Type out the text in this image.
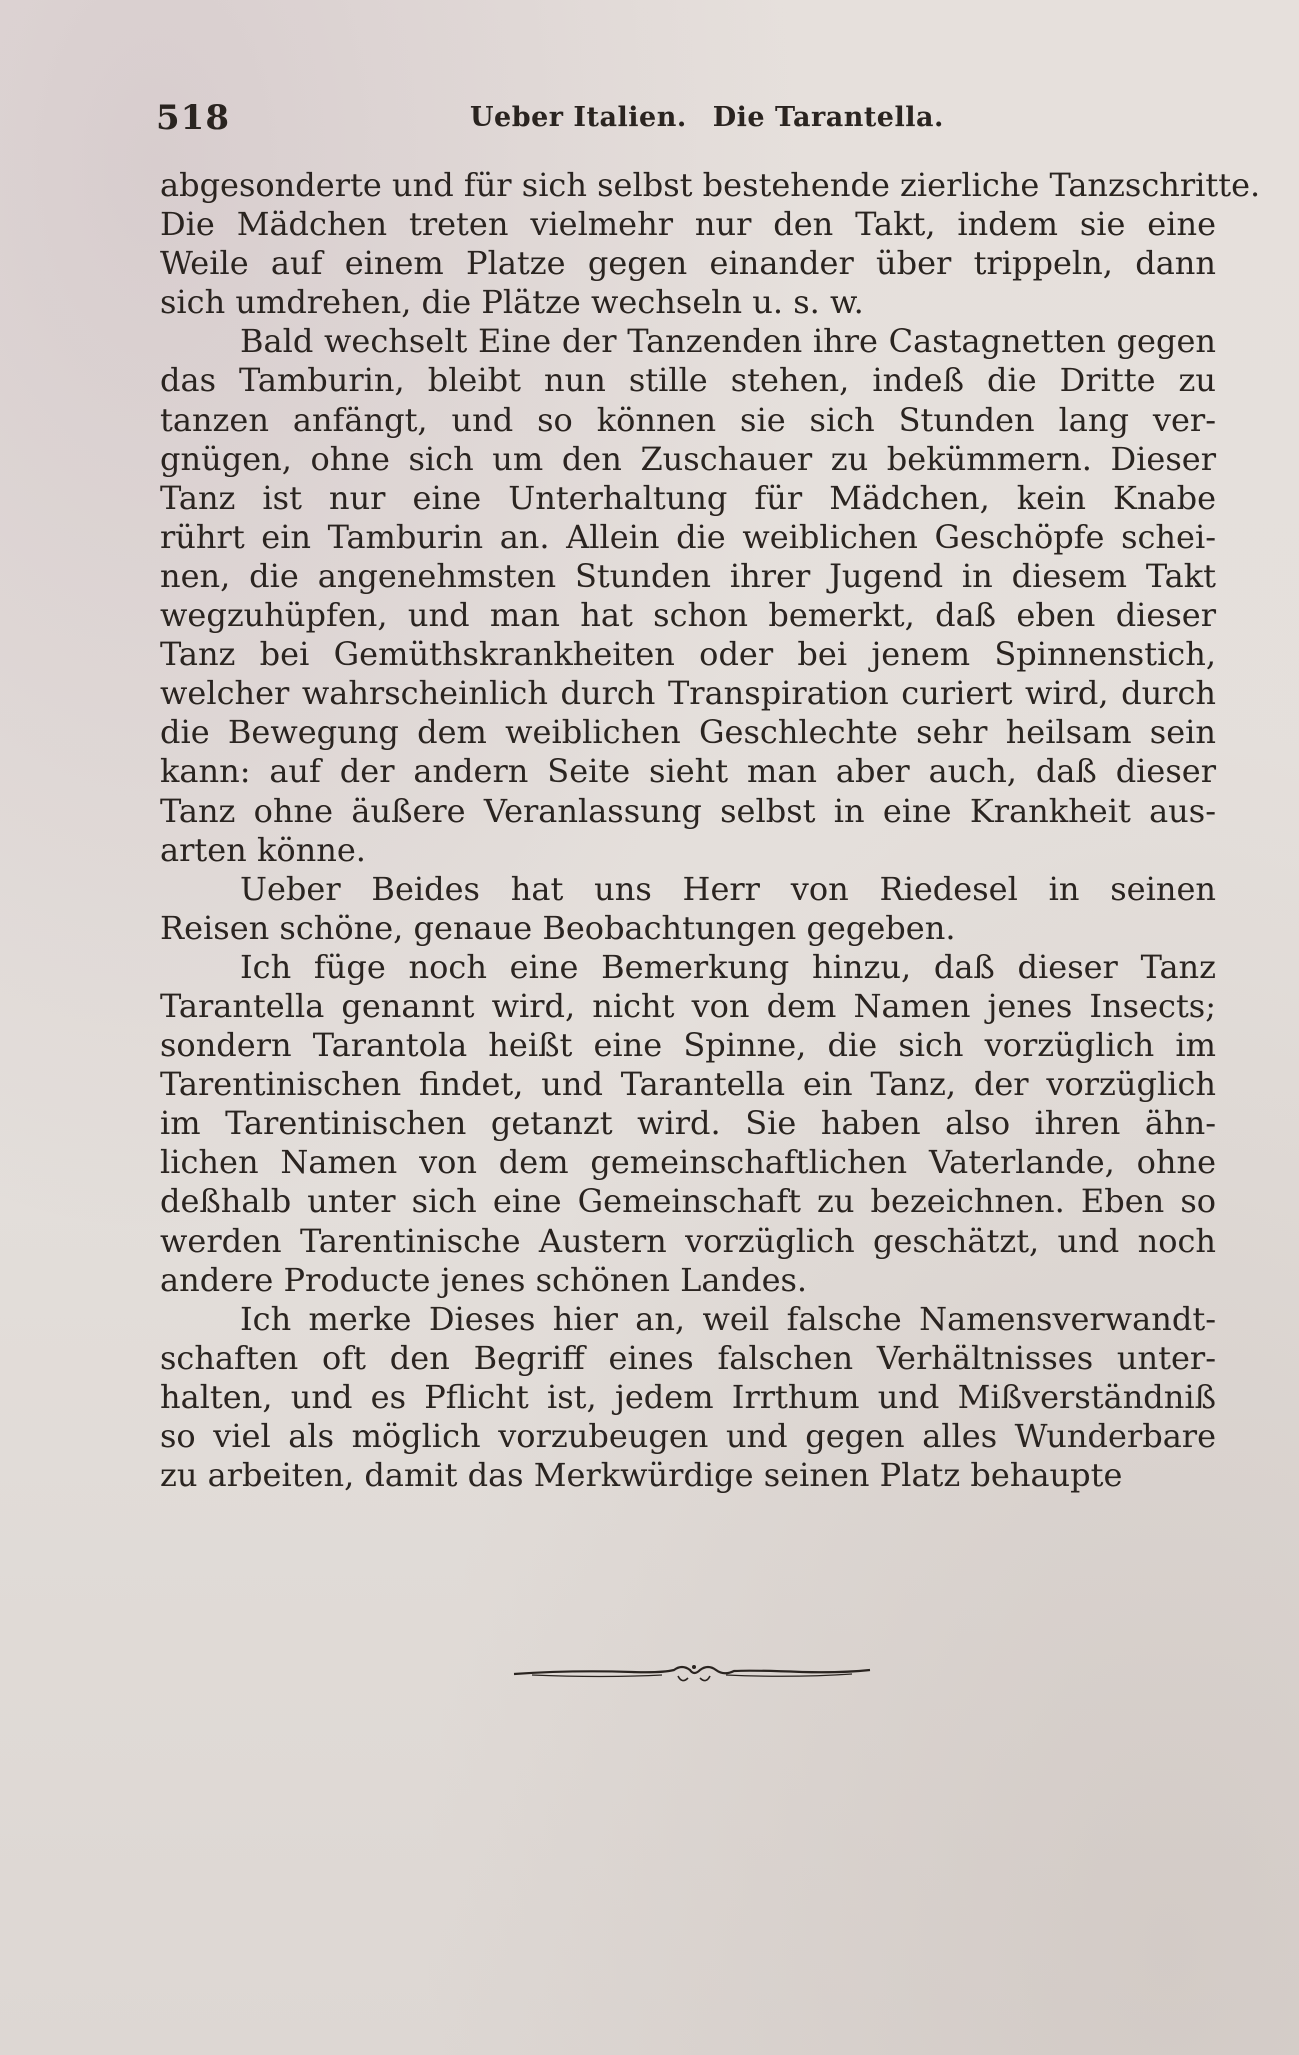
518	Ueber Italien. Die Tarantella.
abgesonderte und für sich selbst bestehende zierliche Tanzschritte.
Die Mädchen treten vielmehr nur den Takt, indem sie eine
Weile auf einem Platze gegen einander über trippeln, dann
sich umdrehen, die Plätze wechseln u. s. w.
Bald wechselt Eine der Tanzenden ihre Castagnetten gegen
das Tamburin, bleibt nun stille stehen, indeß die Dritte zu
tanzen anfängt, und so können sie sich Stunden lang ver-
gnügen, ohne sich um den Zuschauer zu bekümmern. Dieser
Tanz ist nur eine Unterhaltung für Mädchen, kein Knabe
rührt ein Tamburin an. Allein die weiblichen Geschöpfe schei-
nen, die angenehmsten Stunden ihrer Jugend in diesem Takt
wegzuhüpfen, und man hat schon bemerkt, daß eben dieser
Tanz bei Gemüthskrankheiten oder bei jenem Spinnenstich,
welcher wahrscheinlich durch Transpiration curiert wird, durch
die Bewegung dem weiblichen Geschlechte sehr heilsam sein
kann: auf der andern Seite sieht man aber auch, daß dieser
Tanz ohne äußere Veranlassung selbst in eine Krankheit aus-
arten könne.
Ueber Beides hat uns Herr von Riedesel in seinen
Reisen schöne, genaue Beobachtungen gegeben.
Ich füge noch eine Bemerkung hinzu, daß dieser Tanz
Tarantella genannt wird, nicht von dem Namen jenes Insects;
sondern Tarantola heißt eine Spinne, die sich vorzüglich im
Tarentinischen findet, und Tarantella ein Tanz, der vorzüglich
im Tarentinischen getanzt wird. Sie haben also ihren ähn-
lichen Namen von dem gemeinschaftlichen Vaterlande, ohne
deßhalb unter sich eine Gemeinschaft zu bezeichnen. Eben so
werden Tarentinische Austern vorzüglich geschätzt, und noch
andere Producte jenes schönen Landes.
Ich merke Dieses hier an, weil falsche Namensverwandt-
schaften oft den Begriff eines falschen Verhältnisses unter-
halten, und es Pflicht ist, jedem Irrthum und Mißverständniß
so viel als möglich vorzubeugen und gegen alles Wunderbare
zu arbeiten, damit das Merkwürdige seinen Platz behaupte
